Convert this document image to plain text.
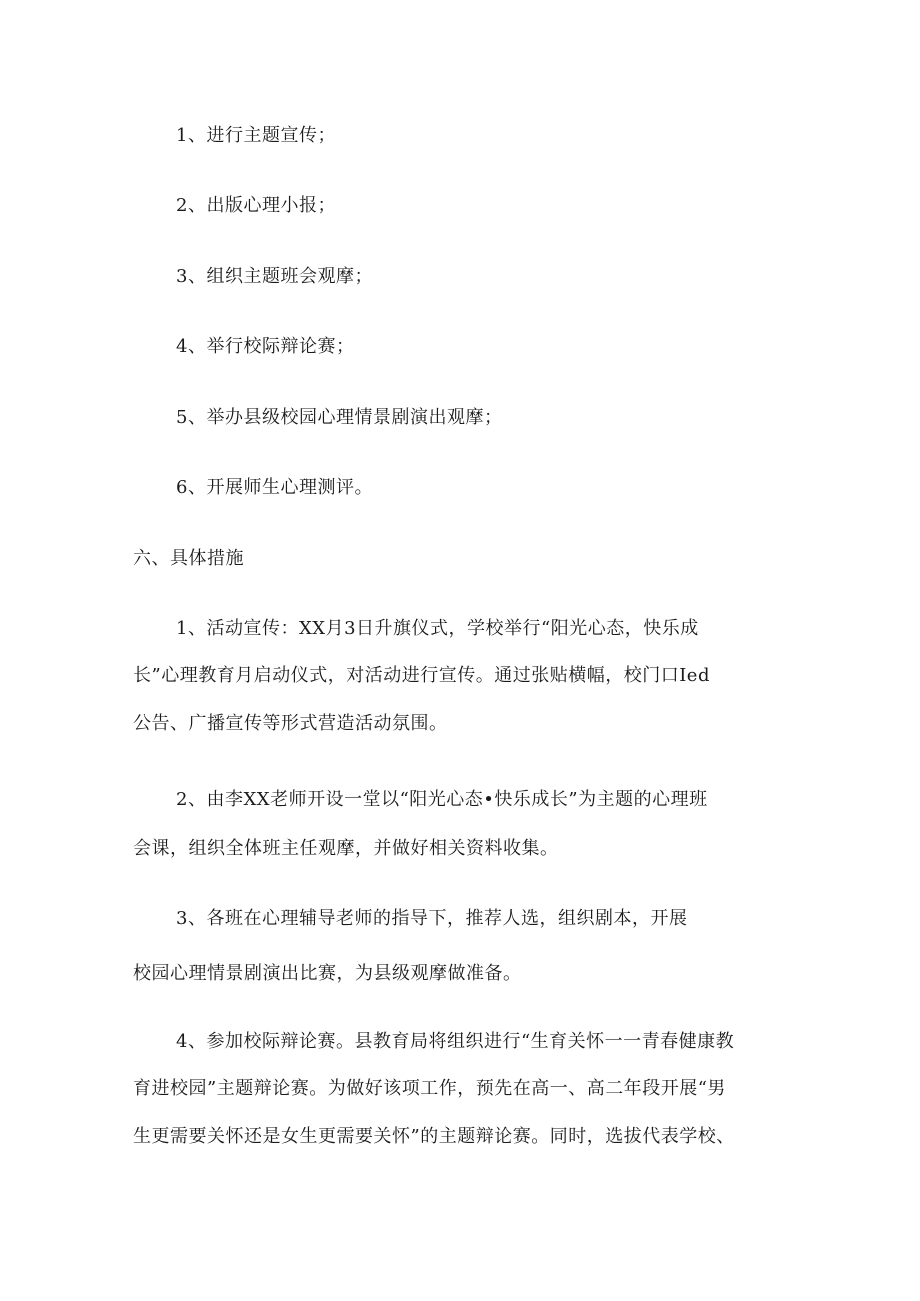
1、进行主题宣传；
2、出版心理小报；
3、组织主题班会观摩；
4、举行校际辩论赛；
5、举办县级校园心理情景剧演出观摩；
6、开展师生心理测评。
六、具体措施
1、活动宣传：XX月3日升旗仪式，学校举行“阳光心态，快乐成
长”心理教育月启动仪式，对活动进行宣传。通过张贴横幅，校门口Ied
公告、广播宣传等形式营造活动氛围。
2、由李XX老师开设一堂以“阳光心态•快乐成长”为主题的心理班
会课，组织全体班主任观摩，并做好相关资料收集。
3、各班在心理辅导老师的指导下，推荐人选，组织剧本，开展
校园心理情景剧演出比赛，为县级观摩做准备。
4、参加校际辩论赛。县教育局将组织进行“生育关怀一一青春健康教
育进校园”主题辩论赛。为做好该项工作，预先在高一、高二年段开展“男
生更需要关怀还是女生更需要关怀”的主题辩论赛。同时，选拔代表学校、
